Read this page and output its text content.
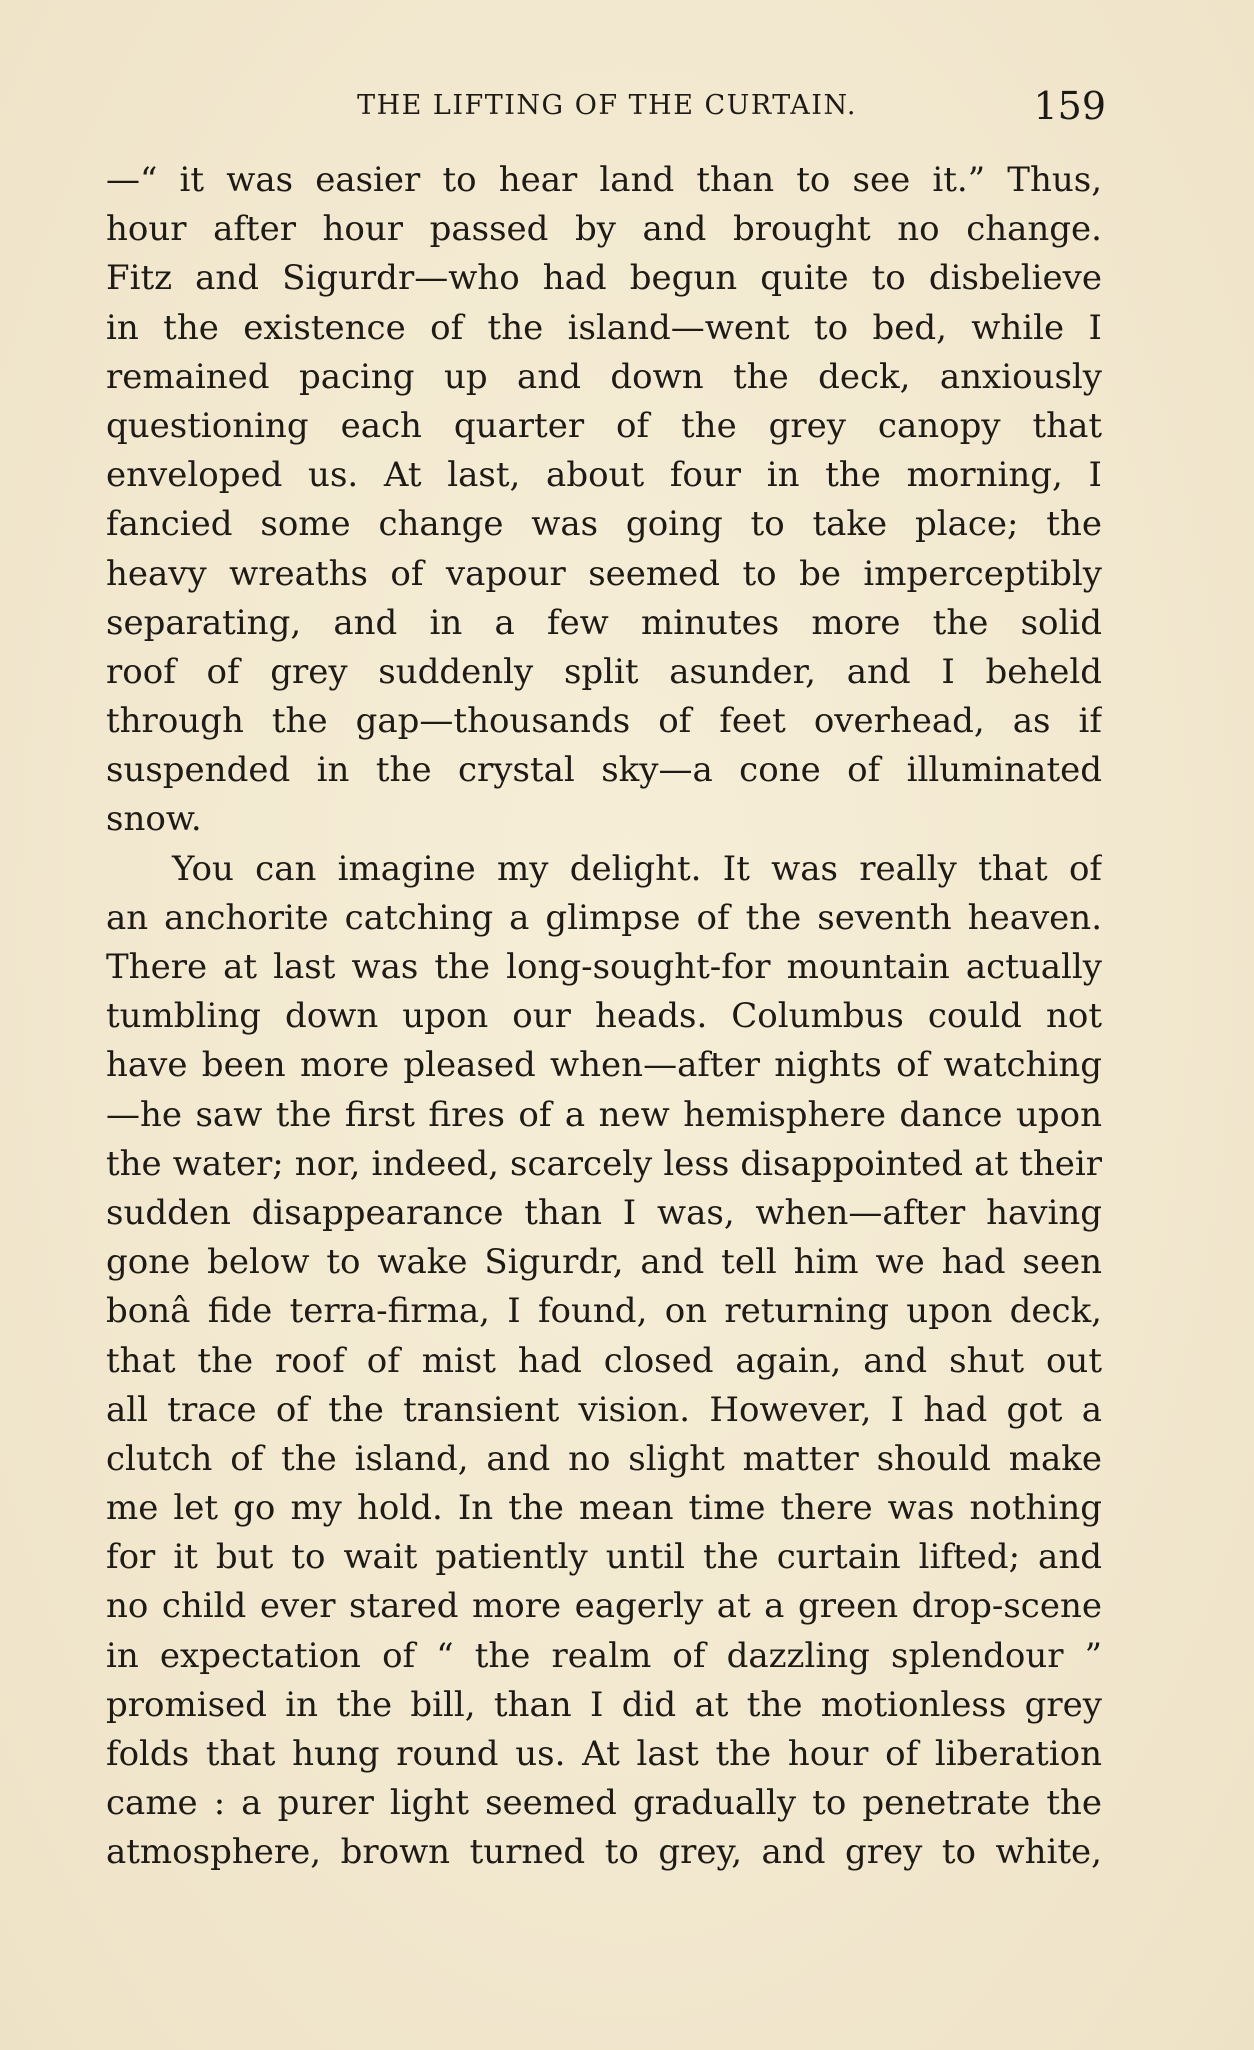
THE LIFTING OF THE CURTAIN.	159
—“ it was easier to hear land than to see it.” Thus,
hour after hour passed by and brought no change.
Fitz and Sigurdr—who had begun quite to disbelieve
in the existence of the island—went to bed, while I
remained pacing up and down the deck, anxiously
questioning each quarter of the grey canopy that
enveloped us. At last, about four in the morning, I
fancied some change was going to take place; the
heavy wreaths of vapour seemed to be imperceptibly
separating, and in a few minutes more the solid
roof of grey suddenly split asunder, and I beheld
through the gap—thousands of feet overhead, as if
suspended in the crystal sky—a cone of illuminated
snow.
You can imagine my delight. It was really that of
an anchorite catching a glimpse of the seventh heaven.
There at last was the long-sought-for mountain actually
tumbling down upon our heads. Columbus could not
have been more pleased when—after nights of watching
—he saw the first fires of a new hemisphere dance upon
the water; nor, indeed, scarcely less disappointed at their
sudden disappearance than I was, when—after having
gone below to wake Sigurdr, and tell him we had seen
bonâ fide terra-firma, I found, on returning upon deck,
that the roof of mist had closed again, and shut out
all trace of the transient vision. However, I had got a
clutch of the island, and no slight matter should make
me let go my hold. In the mean time there was nothing
for it but to wait patiently until the curtain lifted; and
no child ever stared more eagerly at a green drop-scene
in expectation of “ the realm of dazzling splendour ”
promised in the bill, than I did at the motionless grey
folds that hung round us. At last the hour of liberation
came : a purer light seemed gradually to penetrate the
atmosphere, brown turned to grey, and grey to white,
